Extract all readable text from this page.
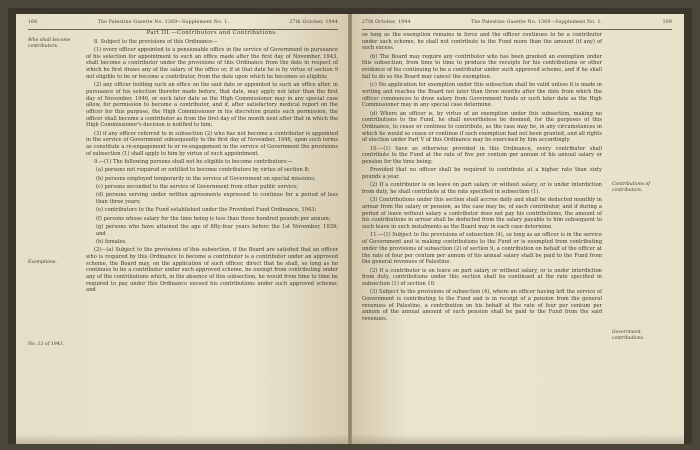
166	The Palestine Gazette No. 1369—Supplement No. 1.	27th October, 1944
Who shall become contributors.
Exemptions.
No. 13 of 1943.
Part III.—Contributors and Contributions.

8. Subject to the provisions of this Ordinance—

(1) every officer appointed to a pensionable office in the service of Government in pursuance of his selection for appointment to such an office made after the first day of November, 1943, shall become a contributor under the provisions of this Ordinance from the date in respect of which he first draws any of the salary of the office or, if at that date he is by virtue of section 9 not eligible to be or become a contributor, from the date upon which he becomes so eligible;

(2) any officer holding such an office on the said date or appointed to such an office after, in pursuance of his selection therefor made before, that date, may apply not later than the first day of November, 1946, or such later date as the High Commissioner may in any special case allow, for permission to become a contributor, and if, after satisfactory medical report on the officer for this purpose, the High Commissioner in his discretion grants such permission, the officer shall become a contributor as from the first day of the month next after that in which the High Commissioner's decision is notified to him;

(3) if any officer referred to in subsection (2) who has not become a contributor is appointed in the service of Government subsequently to the first day of November, 1946, upon such terms as constitute a re-engagement to or re-engagement in the service of Government the provisions of subsection (1) shall apply to him by virtue of such appointment.

9.—(1) The following persons shall not be eligible to become contributors:—

(a) persons not required or entitled to become contributors by virtue of section 8;

(b) persons employed temporarily in the service of Government on special missions;

(c) persons seconded to the service of Government from other public service;

(d) persons serving under written agreements expressed to continue for a period of less than three years;

(e) contributors to the Fund established under the Provident Fund Ordinance, 1943;

(f) persons whose salary for the time being is less than three hundred pounds per annum;

(g) persons who have attained the age of fifty-four years before the 1st November, 1939; and

(h) females.

(2)—(a) Subject to the provisions of this subsection, if the Board are satisfied that an officer who is required by this Ordinance to become a contributor is a contributor under an approved scheme, the Board may, on the application of such officer, direct that he shall, so long as he continues to be a contributor under such approved scheme, be exempt from contributing under any of the contributions which, in the absence of this subsection, he would from time to time be required to pay under this Ordinance exceed his contributions under such approved scheme; and

27th October, 1944	The Palestine Gazette No. 1369—Supplement No. 1.	109
Contributions of contributors.
Government contributions.

so long as the exemption remains in force and the officer continues to be a contributor under such scheme, he shall not contribute to the Fund more than the amount (if any) of such excess.

(b) The Board may require any contributor who has been granted an exemption under this subsection, from time to time to produce the receipts for his contributions or other evidence of his continuing to be a contributor under such approved scheme, and if he shall fail to do so the Board may cancel the exemption.

(c) No application for exemption under this subsection shall be valid unless it is made in writing and reaches the Board not later than three months after the date from which the officer commences to draw salary from Government funds or such later date as the High Commissioner may in any special case determine.

(d) Where an officer is, by virtue of an exemption under this subsection, making no contributions to the Fund, he shall nevertheless be deemed, for the purposes of this Ordinance, to cease or continue to contribute, as the case may be, in any circumstances in which he would so cease or continue if such exemption had not been granted, and all rights of election under Part V of this Ordinance may be exercised by him accordingly.

10.—(1) Save as otherwise provided in this Ordinance, every contributor shall contribute to the Fund at the rate of five per centum per annum of his annual salary or pension for the time being:

Provided that no officer shall be required to contribute at a higher rate than sixty pounds a year.

(2) If a contributor is on leave on part salary or without salary, or is under interdiction from duty, he shall contribute at the rate specified in subsection (1).

(3) Contributions under this section shall accrue daily and shall be deducted monthly in arrear from the salary or pension, as the case may be, of each contributor, and if during a period of leave without salary a contributor does not pay his contributions, the amount of his contributions in arrear shall be deducted from the salary payable to him subsequent to such leave in such instalments as the Board may in each case determine.

11.—(1) Subject to the provisions of subsection (4), so long as an officer is in the service of Government and is making contributions to the Fund or is exempted from contributing under the provisions of subsection (2) of section 9, a contribution on behalf of the officer at the rate of four per centum per annum of his annual salary shall be paid to the Fund from the general revenues of Palestine.

(2) If a contributor is on leave on part salary or without salary, or is under interdiction from duty, contributions under this section shall be continued at the rate specified in subsection (1) of section 10.

(3) Subject to the provisions of subsection (4), where an officer having left the service of Government is contributing to the Fund and is in receipt of a pension from the general revenues of Palestine, a contribution on his behalf at the rate of four per centum per annum of the annual amount of such pension shall be paid to the Fund from the said revenues.
